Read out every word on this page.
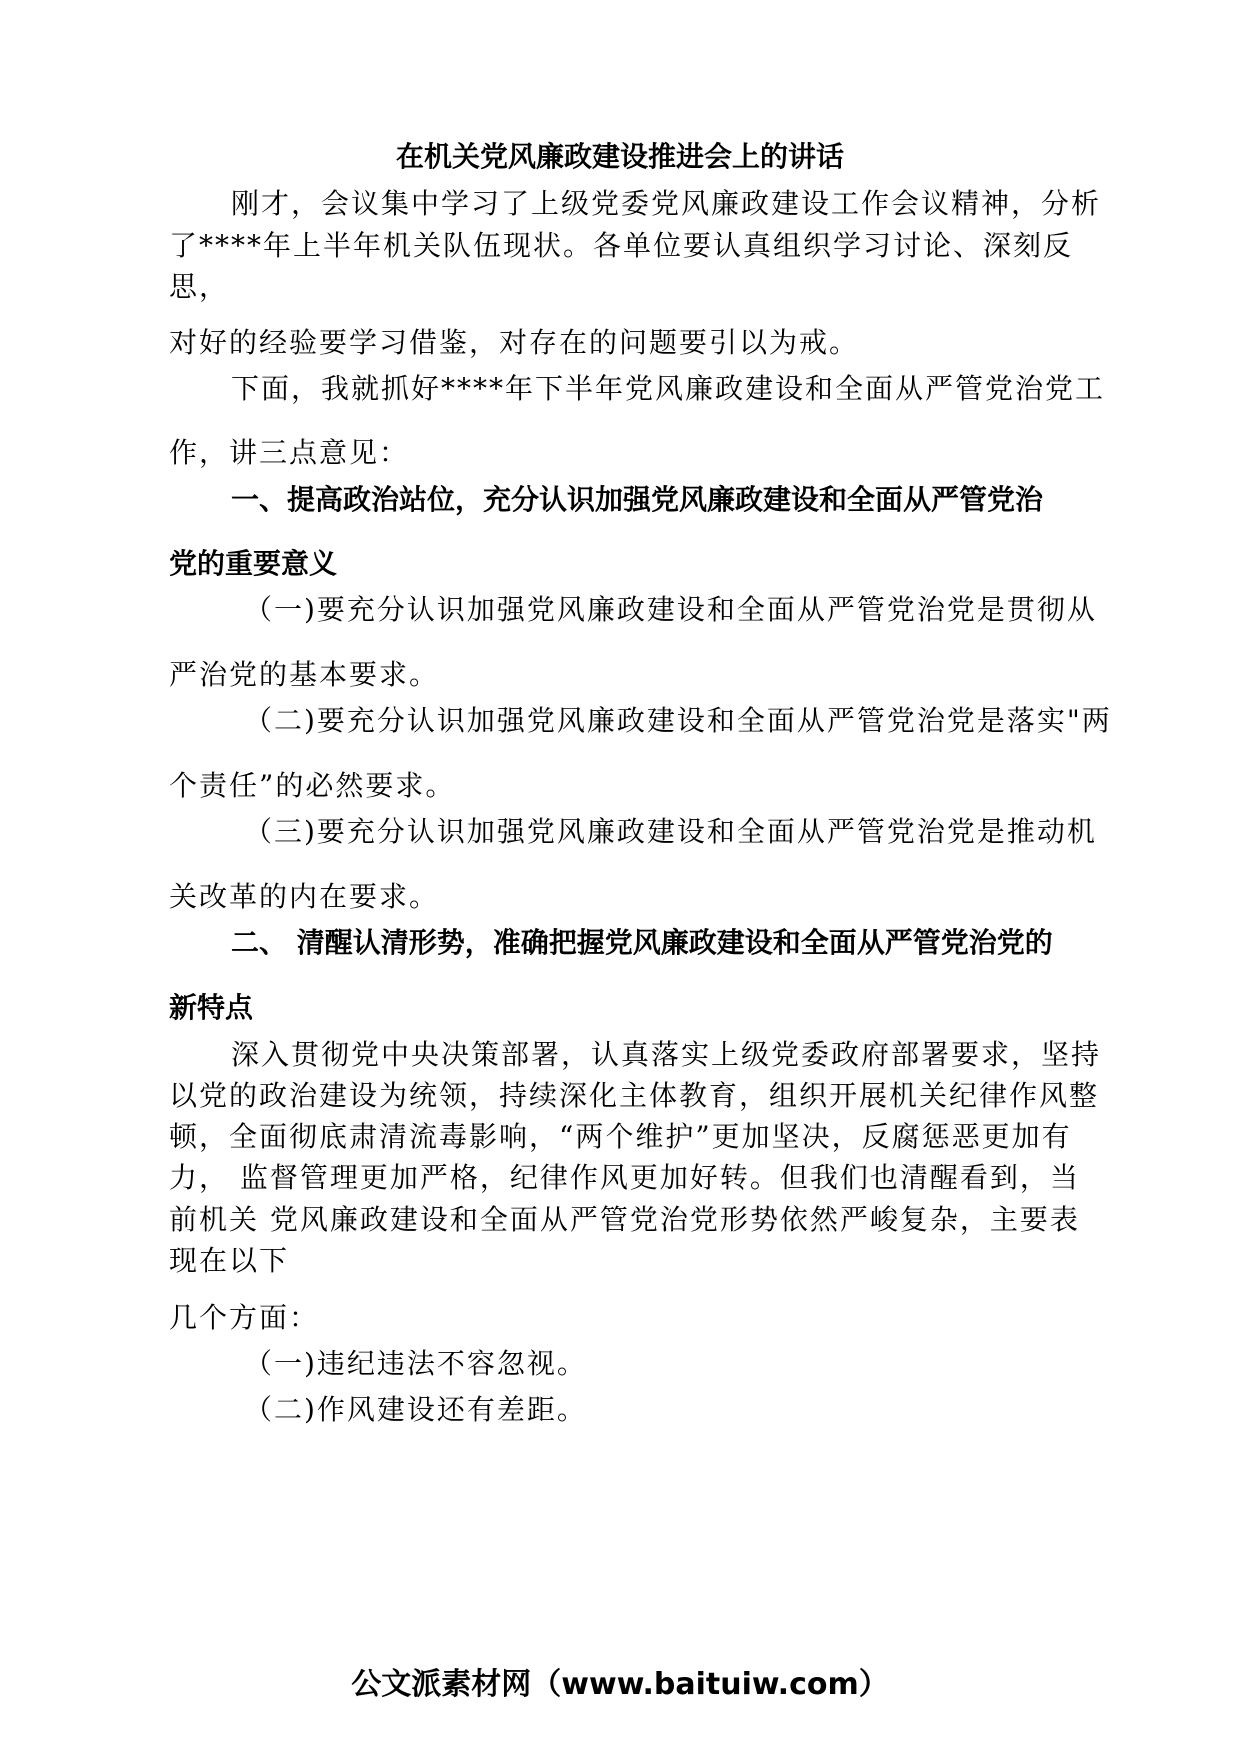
在机关党风廉政建设推进会上的讲话
刚才，会议集中学习了上级党委党风廉政建设工作会议精神，分析
了****年上半年机关队伍现状。各单位要认真组织学习讨论、深刻反
思，
对好的经验要学习借鉴，对存在的问题要引以为戒。
下面，我就抓好****年下半年党风廉政建设和全面从严管党治党工
作，讲三点意见：
一、提高政治站位，充分认识加强党风廉政建设和全面从严管党治
党的重要意义
（一)要充分认识加强党风廉政建设和全面从严管党治党是贯彻从
严治党的基本要求。
（二)要充分认识加强党风廉政建设和全面从严管党治党是落实"两
个责任”的必然要求。
（三)要充分认识加强党风廉政建设和全面从严管党治党是推动机
关改革的内在要求。
二、 清醒认清形势，准确把握党风廉政建设和全面从严管党治党的
新特点
深入贯彻党中央决策部署，认真落实上级党委政府部署要求，坚持
以党的政治建设为统领，持续深化主体教育，组织开展机关纪律作风整
顿，全面彻底肃清流毒影响，“两个维护”更加坚决，反腐惩恶更加有
力， 监督管理更加严格，纪律作风更加好转。但我们也清醒看到，当
前机关 党风廉政建设和全面从严管党治党形势依然严峻复杂，主要表
现在以下
几个方面：
（一)违纪违法不容忽视。
（二)作风建设还有差距。
公文派素材网（www.baituiw.com）
